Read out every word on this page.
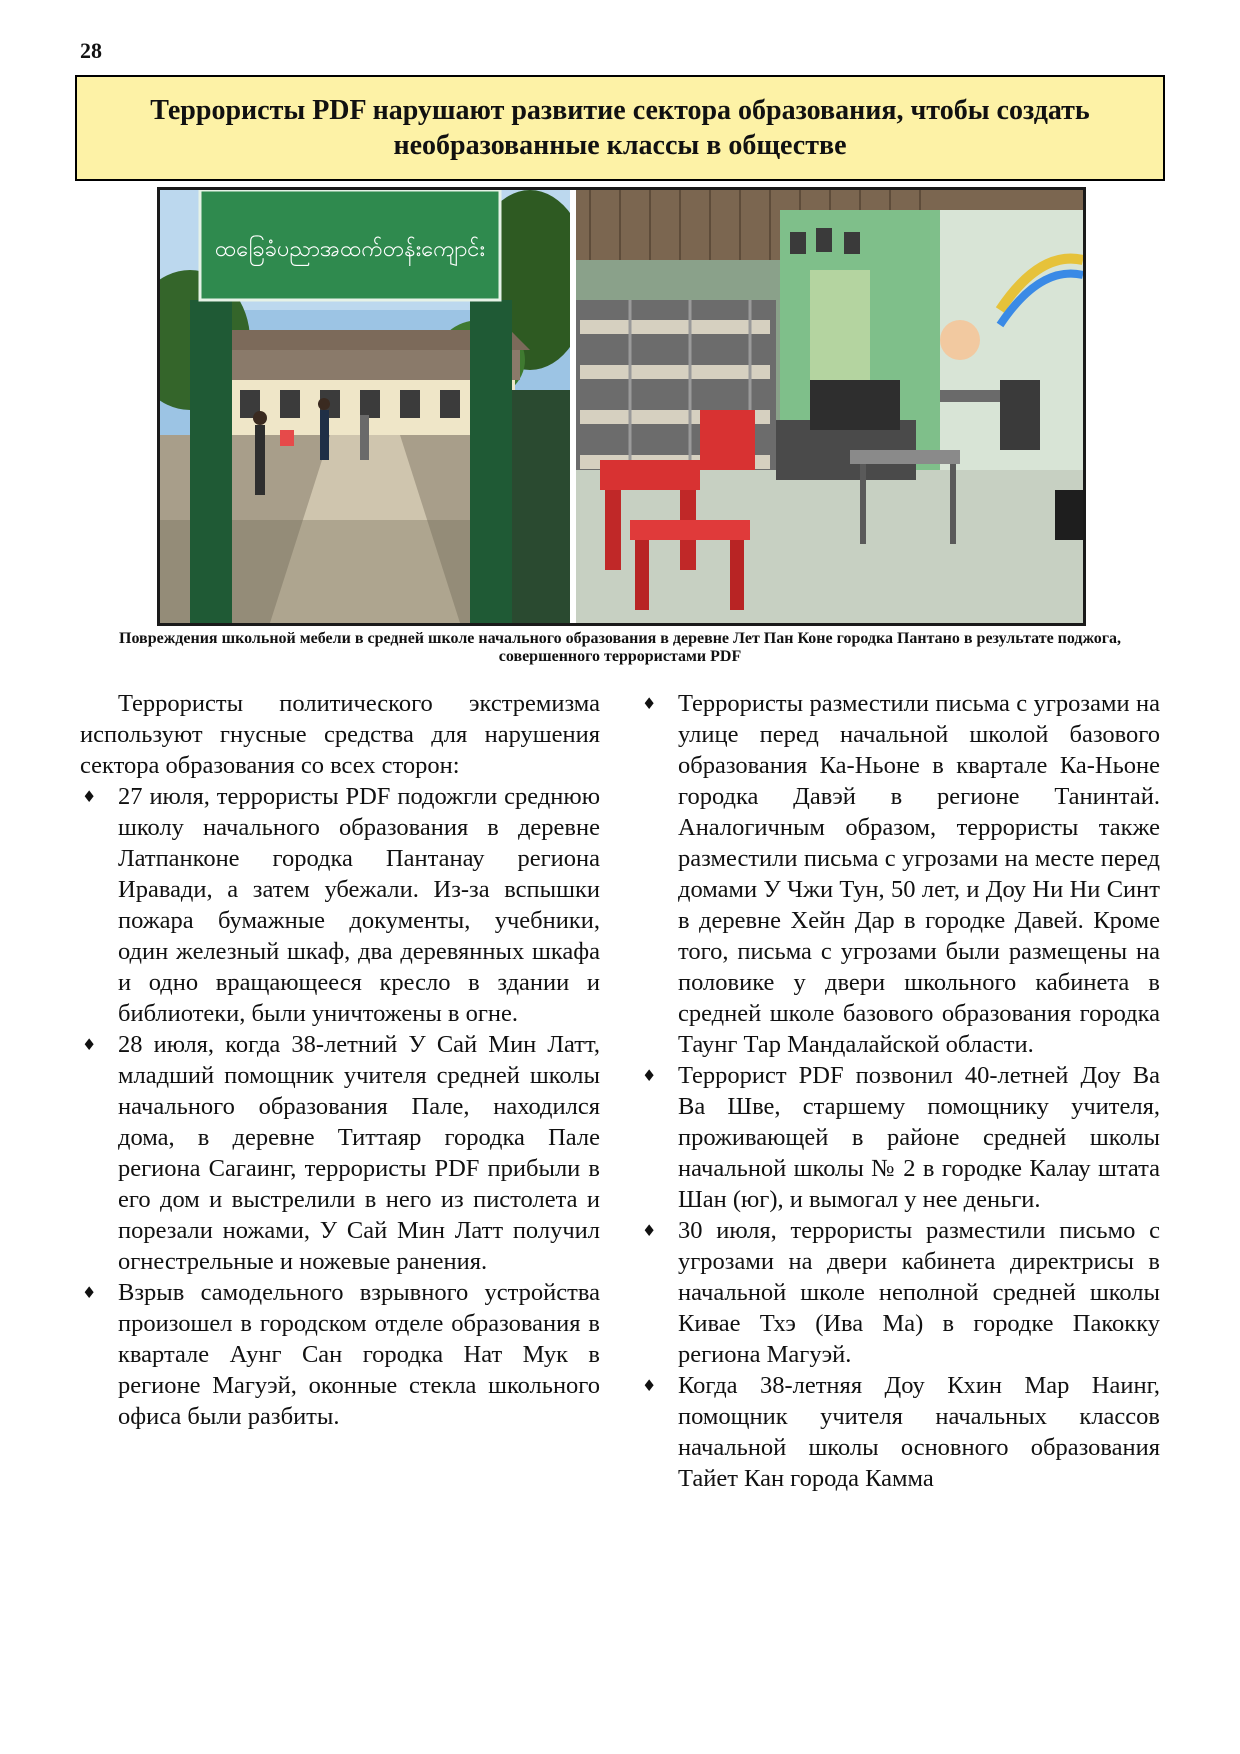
28
Террористы PDF нарушают развитие сектора образования, чтобы создать необразованные классы в обществе
ထခြေခံပညာအထက်တန်းကျောင်း
Повреждения школьной мебели в средней школе начального образования в деревне Лет Пан Коне городка Пантано в результате поджога, совершенного террористами PDF

Террористы политического экстремизма используют гнусные средства для нарушения сектора образования со всех сторон:

♦ 27 июля, террористы PDF подожгли среднюю школу начального образования в деревне Латпанконе городка Пантанау региона Иравади, а затем убежали. Из-за вспышки пожара бумажные документы, учебники, один железный шкаф, два деревянных шкафа и одно вращающееся кресло в здании и библиотеки, были уничтожены в огне.
♦ 28 июля, когда 38-летний У Сай Мин Латт, младший помощник учителя средней школы начального образования Пале, находился дома, в деревне Титтаяр городка Пале региона Сагаинг, террористы PDF прибыли в его дом и выстрелили в него из пистолета и порезали ножами, У Сай Мин Латт получил огнестрельные и ножевые ранения.
♦ Взрыв самодельного взрывного устройства произошел в городском отделе образования в квартале Аунг Сан городка Нат Мук в регионе Магуэй, оконные стекла школьного офиса были разбиты.
♦ Террористы разместили письма с угрозами на улице перед начальной школой базового образования Ка-Ньоне в квартале Ка-Ньоне городка Давэй в регионе Танинтай. Аналогичным образом, террористы также разместили письма с угрозами на месте перед домами У Чжи Тун, 50 лет, и Доу Ни Ни Синт в деревне Хейн Дар в городке Давей. Кроме того, письма с угрозами были размещены на половике у двери школьного кабинета в средней школе базового образования городка Таунг Тар Мандалайской области.
♦ Террорист PDF позвонил 40-летней Доу Ва Ва Шве, старшему помощнику учителя, проживающей в районе средней школы начальной школы № 2 в городке Калау штата Шан (юг), и вымогал у нее деньги.
♦ 30 июля, террористы разместили письмо с угрозами на двери кабинета директрисы в начальной школе неполной средней школы Кивае Тхэ (Ива Ма) в городке Пакокку региона Магуэй.
♦ Когда 38-летняя Доу Кхин Мар Наинг, помощник учителя начальных классов начальной школы основного образования Тайет Кан города Камма
